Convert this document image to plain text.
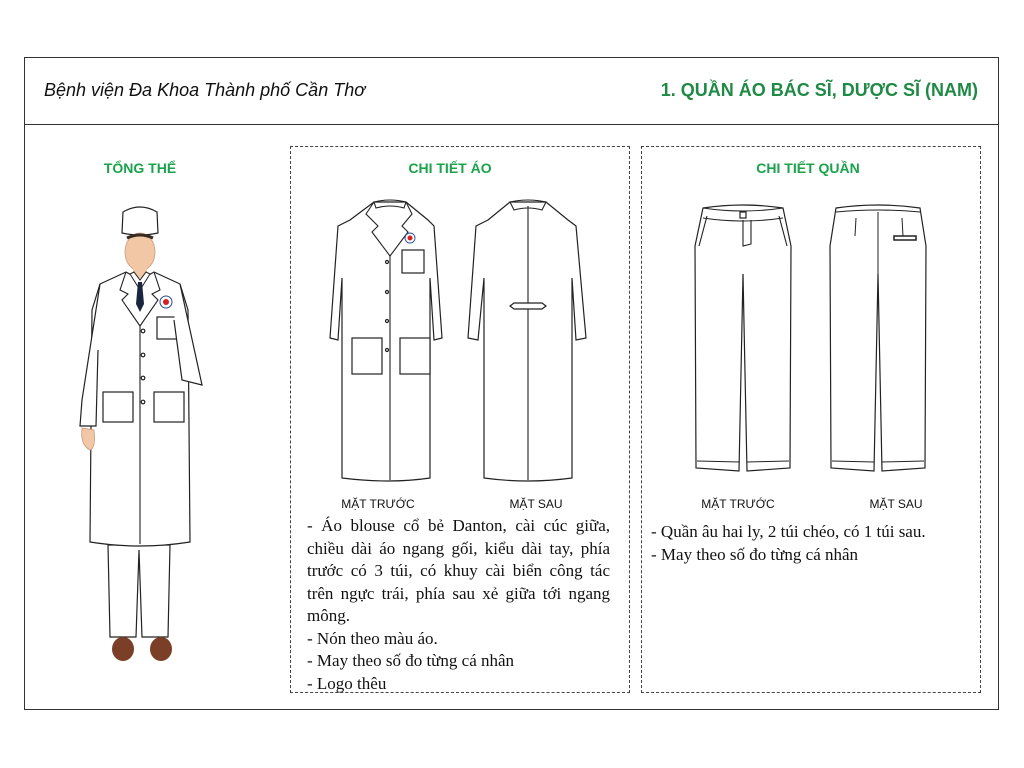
Bệnh viện Đa Khoa Thành phố Cần Thơ	1. QUẦN ÁO BÁC SĨ, DƯỢC SĨ (NAM)
TỔNG THỂ	CHI TIẾT ÁO	CHI TIẾT QUẦN
MẶT TRƯỚC	MẶT SAU	MẶT TRƯỚC	MẶT SAU

- Áo blouse cổ bẻ Danton, cài cúc giữa, chiều dài áo ngang gối, kiểu dài tay, phía trước có 3 túi, có khuy cài biển công tác trên ngực trái, phía sau xẻ giữa tới ngang mông.

- Nón theo màu áo.

- May theo số đo từng cá nhân

- Logo thêu

- Quần âu hai ly, 2 túi chéo, có 1 túi sau.

- May theo số đo từng cá nhân
